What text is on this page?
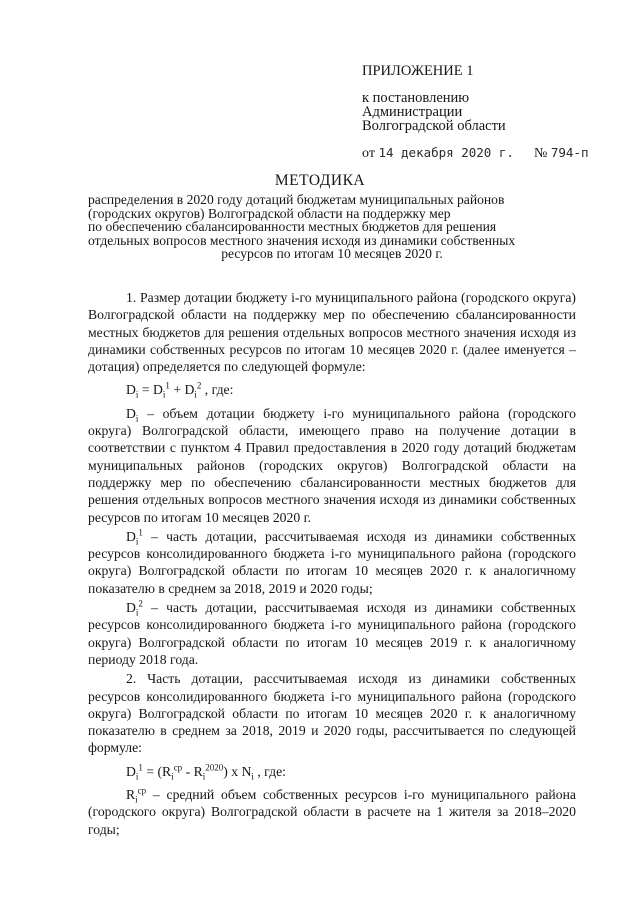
ПРИЛОЖЕНИЕ 1
к постановлению
Администрации
Волгоградской области
от 14 декабря 2020 г. № 794-п
МЕТОДИКА
распределения в 2020 году дотаций бюджетам муниципальных районов
(городских округов) Волгоградской области на поддержку мер
по обеспечению сбалансированности местных бюджетов для решения
отдельных вопросов местного значения исходя из динамики собственных
ресурсов по итогам 10 месяцев 2020 г.

1. Размер дотации бюджету i-го муниципального района (городского округа) Волгоградской области на поддержку мер по обеспечению сбалансированности местных бюджетов для решения отдельных вопросов местного значения исходя из динамики собственных ресурсов по итогам 10 месяцев 2020 г. (далее именуется – дотация) определяется по следующей формуле:

$D_i = D_i^1 + D_i^2$ , где:

$D_i$ – объем дотации бюджету i-го муниципального района (городского округа) Волгоградской области, имеющего право на получение дотации в соответствии с пунктом 4 Правил предоставления в 2020 году дотаций бюджетам муниципальных районов (городских округов) Волгоградской области на поддержку мер по обеспечению сбалансированности местных бюджетов для решения отдельных вопросов местного значения исходя из динамики собственных ресурсов по итогам 10 месяцев 2020 г.

$D_i^1$ – часть дотации, рассчитываемая исходя из динамики собственных ресурсов консолидированного бюджета i-го муниципального района (городского округа) Волгоградской области по итогам 10 месяцев 2020 г. к аналогичному показателю в среднем за 2018, 2019 и 2020 годы;

$D_i^2$ – часть дотации, рассчитываемая исходя из динамики собственных ресурсов консолидированного бюджета i-го муниципального района (городского округа) Волгоградской области по итогам 10 месяцев 2019 г. к аналогичному периоду 2018 года.

2. Часть дотации, рассчитываемая исходя из динамики собственных ресурсов консолидированного бюджета i-го муниципального района (городского округа) Волгоградской области по итогам 10 месяцев 2020 г. к аналогичному показателю в среднем за 2018, 2019 и 2020 годы, рассчитывается по следующей формуле:

$D_i^1 = (R_i^{ср} - R_i^{2020})$ x $N_i$ , где:

$R_i^{ср}$ – средний объем собственных ресурсов i-го муниципального района (городского округа) Волгоградской области в расчете на 1 жителя за 2018–2020 годы;
